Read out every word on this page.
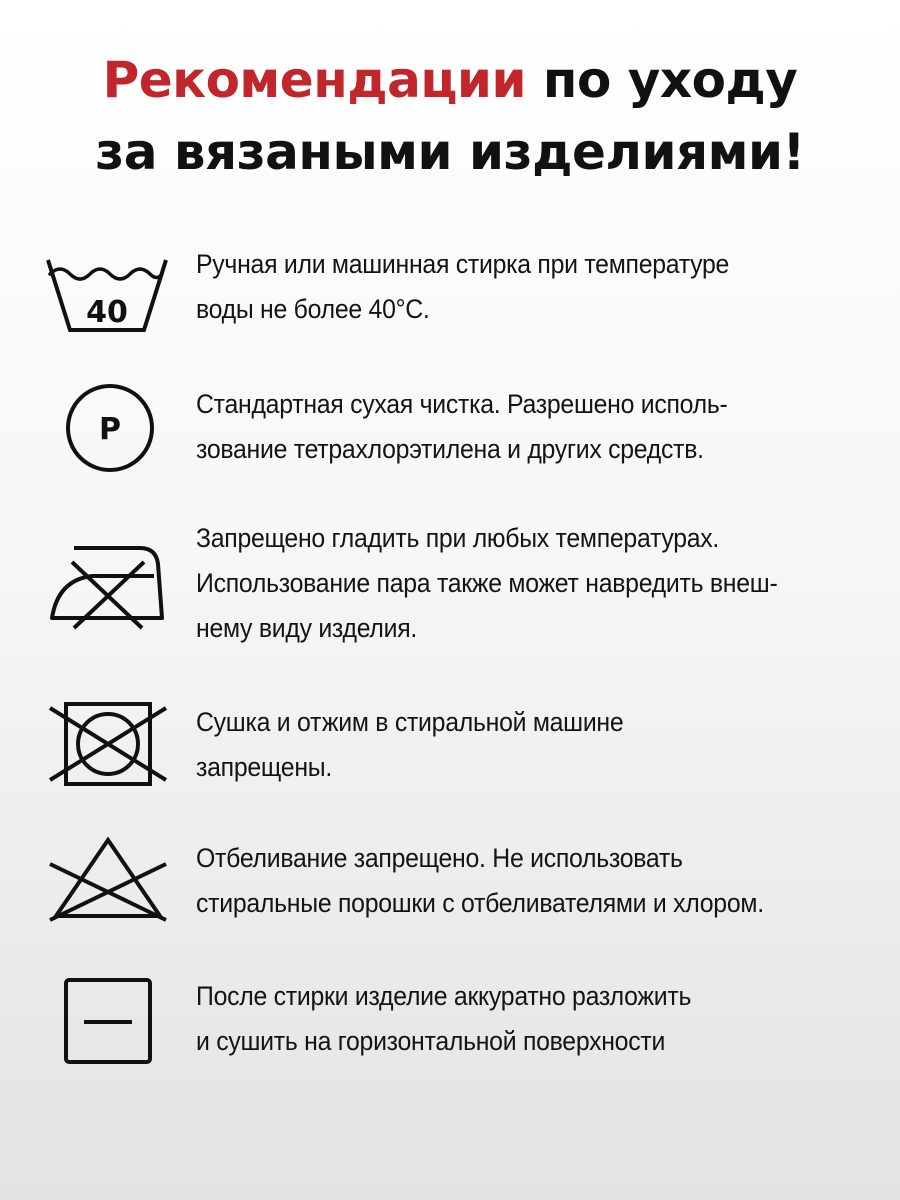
Рекомендации по уходу
за вязаными изделиями!
40
Ручная или машинная стирка при температуре
воды не более 40°С.
P
Стандартная сухая чистка. Разрешено исполь-
зование тетрахлорэтилена и других средств.
Запрещено гладить при любых температурах.
Использование пара также может навредить внеш-
нему виду изделия.
Сушка и отжим в стиральной машине
запрещены.
Отбеливание запрещено. Не использовать
стиральные порошки с отбеливателями и хлором.
После стирки изделие аккуратно разложить
и сушить на горизонтальной поверхности
